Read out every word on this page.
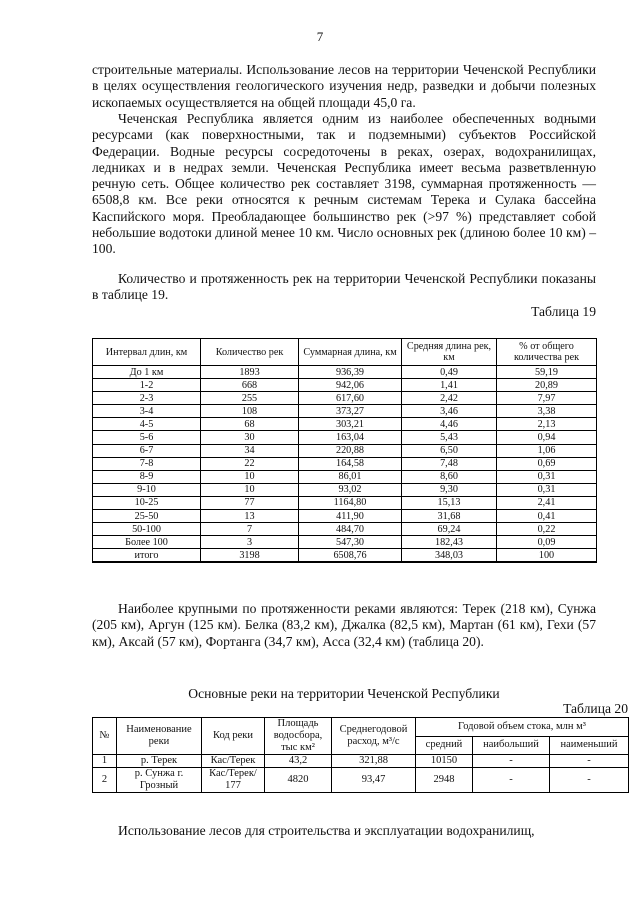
7

строительные материалы. Использование лесов на территории Чеченской Республики в целях осуществления геологического изучения недр, разведки и добычи полезных ископаемых осуществляется на общей площади 45,0 га.

Чеченская Республика является одним из наиболее обеспеченных водными ресурсами (как поверхностными, так и подземными) субъектов Российской Федерации. Водные ресурсы сосредоточены в реках, озерах, водохранилищах, ледниках и в недрах земли. Чеченская Республика имеет весьма разветвленную речную сеть. Общее количество рек составляет 3198, суммарная протяженность — 6508,8 км. Все реки относятся к речным системам Терека и Сулака бассейна Каспийского моря. Преобладающее большинство рек (>97 %) представляет собой небольшие водотоки длиной менее 10 км. Число основных рек (длиною более 10 км) –100.

Количество и протяженность рек на территории Чеченской Республики показаны в таблице 19.

Таблица 19
Интервал длин, км	Количество рек	Суммарная длина, км	Средняя длина рек, км	% от общего количества рек
До 1 км	1893	936,39	0,49	59,19
1-2	668	942,06	1,41	20,89
2-3	255	617,60	2,42	7,97
3-4	108	373,27	3,46	3,38
4-5	68	303,21	4,46	2,13
5-6	30	163,04	5,43	0,94
6-7	34	220,88	6,50	1,06
7-8	22	164,58	7,48	0,69
8-9	10	86,01	8,60	0,31
9-10	10	93,02	9,30	0,31
10-25	77	1164,80	15,13	2,41
25-50	13	411,90	31,68	0,41
50-100	7	484,70	69,24	0,22
Более 100	3	547,30	182,43	0,09
итого	3198	6508,76	348,03	100

Наиболее крупными по протяженности реками являются: Терек (218 км), Сунжа (205 км), Аргун (125 км). Белка (83,2 км), Джалка (82,5 км), Мартан (61 км), Гехи (57 км), Аксай (57 км), Фортанга (34,7 км), Асса (32,4 км) (таблица 20).

Основные реки на территории Чеченской Республики
Таблица 20
№	Наименование реки	Код реки	Площадь водосбора, тыс км²	Среднегодовой расход, м³/с	Годовой объем стока, млн м³		
					средний	наибольший	наименьший
1	р. Терек	Кас/Терек	43,2	321,88	10150	-	-
2	р. Сунжа г. Грозный	Кас/Терек/ 177	4820	93,47	2948	-	-

Использование лесов для строительства и эксплуатации водохранилищ,
